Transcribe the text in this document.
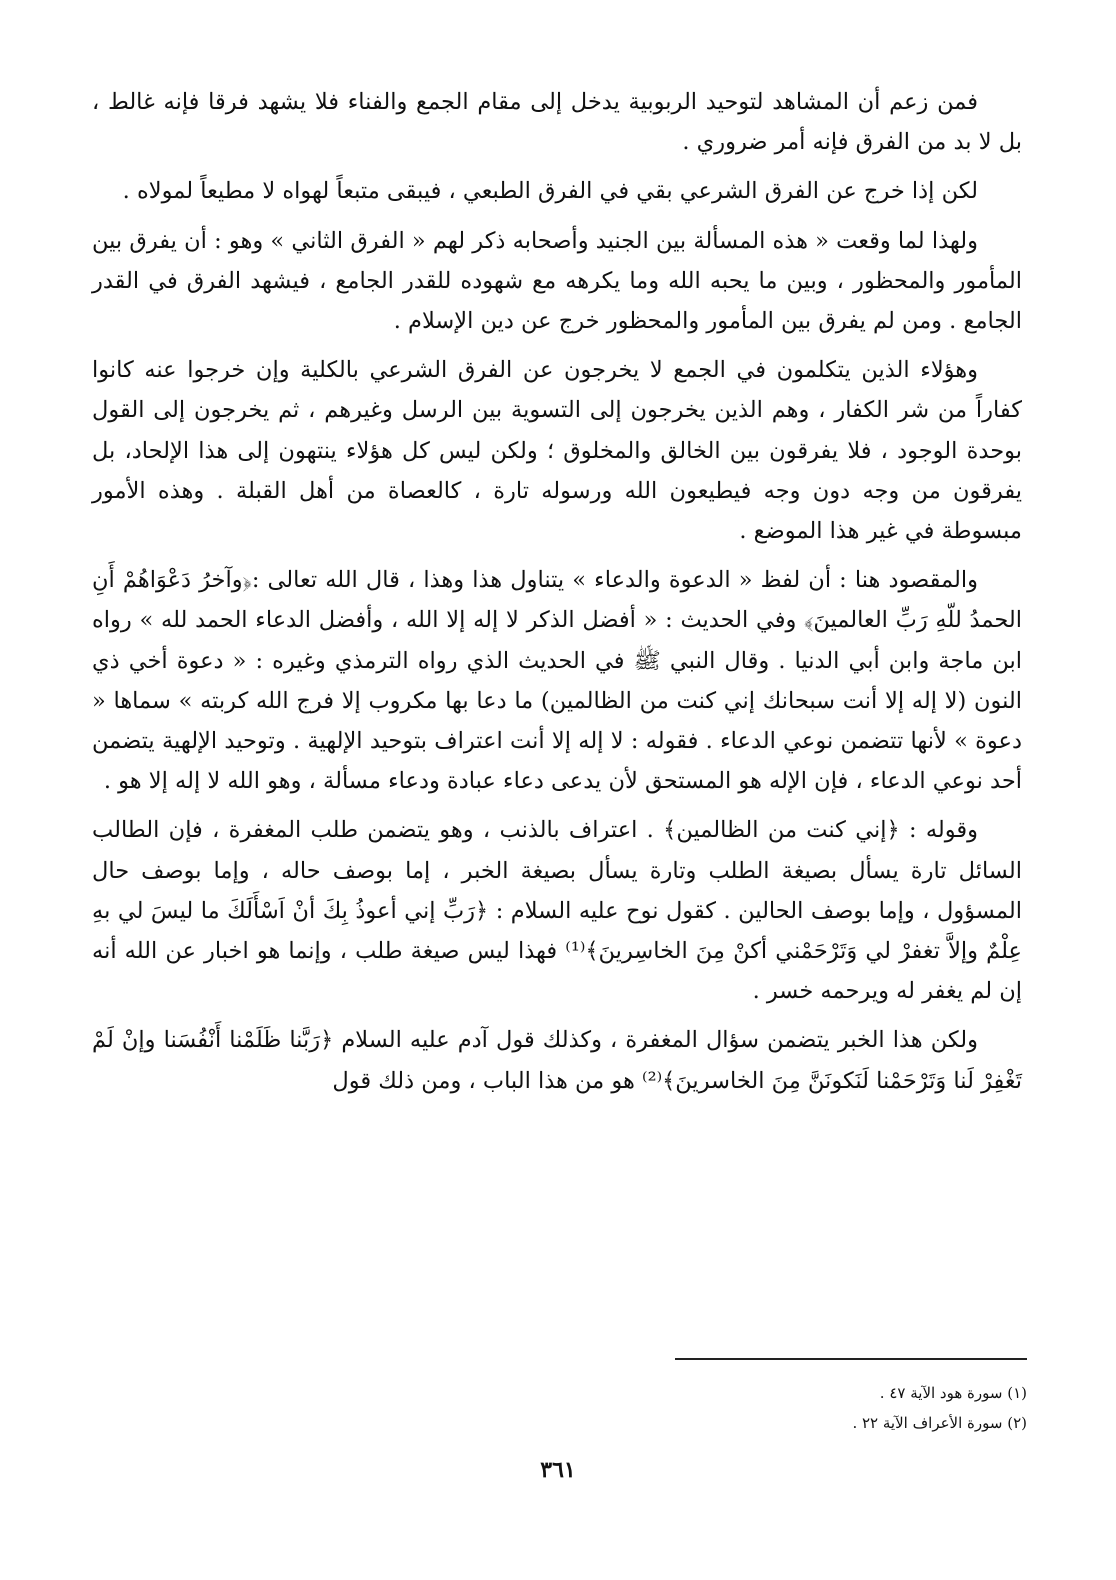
فمن زعم أن المشاهد لتوحيد الربوبية يدخل إلى مقام الجمع والفناء فلا يشهد فرقا فإنه غالط ، بل لا بد من الفرق فإنه أمر ضروري .

لكن إذا خرج عن الفرق الشرعي بقي في الفرق الطبعي ، فيبقى متبعاً لهواه لا مطيعاً لمولاه .

ولهذا لما وقعت « هذه المسألة بين الجنيد وأصحابه ذكر لهم « الفرق الثاني » وهو : أن يفرق بين المأمور والمحظور ، وبين ما يحبه الله وما يكرهه مع شهوده للقدر الجامع ، فيشهد الفرق في القدر الجامع . ومن لم يفرق بين المأمور والمحظور خرج عن دين الإسلام .

وهؤلاء الذين يتكلمون في الجمع لا يخرجون عن الفرق الشرعي بالكلية وإن خرجوا عنه كانوا كفاراً من شر الكفار ، وهم الذين يخرجون إلى التسوية بين الرسل وغيرهم ، ثم يخرجون إلى القول بوحدة الوجود ، فلا يفرقون بين الخالق والمخلوق ؛ ولكن ليس كل هؤلاء ينتهون إلى هذا الإلحاد، بل يفرقون من وجه دون وجه فيطيعون الله ورسوله تارة ، كالعصاة من أهل القبلة . وهذه الأمور مبسوطة في غير هذا الموضع .

والمقصود هنا : أن لفظ « الدعوة والدعاء » يتناول هذا وهذا ، قال الله تعالى :﴿وآخرُ دَعْوَاهُمْ أَنِ الحمدُ للّهِ رَبِّ العالمينَ﴾ وفي الحديث : « أفضل الذكر لا إله إلا الله ، وأفضل الدعاء الحمد لله » رواه ابن ماجة وابن أبي الدنيا . وقال النبي ﷺ في الحديث الذي رواه الترمذي وغيره : « دعوة أخي ذي النون (لا إله إلا أنت سبحانك إني كنت من الظالمين) ما دعا بها مكروب إلا فرج الله كربته » سماها « دعوة » لأنها تتضمن نوعي الدعاء . فقوله : لا إله إلا أنت اعتراف بتوحيد الإلهية . وتوحيد الإلهية يتضمن أحد نوعي الدعاء ، فإن الإله هو المستحق لأن يدعى دعاء عبادة ودعاء مسألة ، وهو الله لا إله إلا هو .

وقوله : ﴿إني كنت من الظالمين﴾ . اعتراف بالذنب ، وهو يتضمن طلب المغفرة ، فإن الطالب السائل تارة يسأل بصيغة الطلب وتارة يسأل بصيغة الخبر ، إما بوصف حاله ، وإما بوصف حال المسؤول ، وإما بوصف الحالين . كقول نوح عليه السلام : ﴿رَبِّ إني أعوذُ بِكَ أنْ اَسْأَلَكَ ما ليسَ لي بهِ عِلْمٌ وإلاَّ تغفرْ لي وَتَرْحَمْني أكنْ مِنَ الخاسِرينَ﴾⁽¹⁾ فهذا ليس صيغة طلب ، وإنما هو اخبار عن الله أنه إن لم يغفر له ويرحمه خسر .

ولكن هذا الخبر يتضمن سؤال المغفرة ، وكذلك قول آدم عليه السلام ﴿رَبَّنا ظَلَمْنا أَنْفُسَنا وإنْ لَمْ تَغْفِرْ لَنا وَتَرْحَمْنا لَنَكونَنَّ مِنَ الخاسرينَ﴾⁽²⁾ هو من هذا الباب ، ومن ذلك قول

(١) سورة هود الآية ٤٧ .

(٢) سورة الأعراف الآية ٢٢ .

٣٦١
